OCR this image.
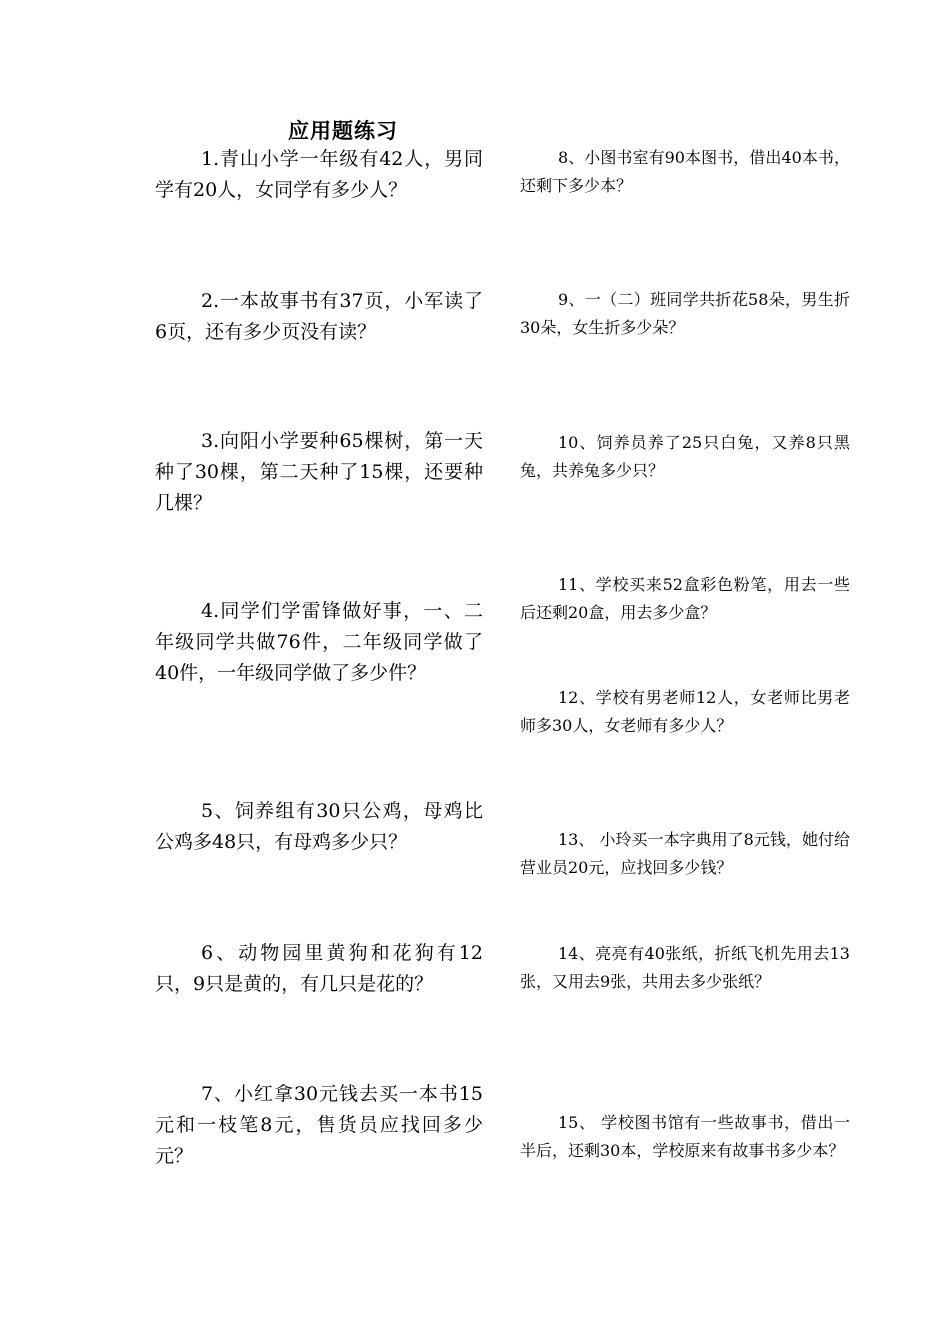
应用题练习

1.青山小学一年级有42人，男同学有20人，女同学有多少人？

2.一本故事书有37页，小军读了6页，还有多少页没有读？

3.向阳小学要种65棵树，第一天种了30棵，第二天种了15棵，还要种几棵？

4.同学们学雷锋做好事，一、二年级同学共做76件，二年级同学做了40件，一年级同学做了多少件？

5、饲养组有30只公鸡，母鸡比公鸡多48只，有母鸡多少只？

6、动物园里黄狗和花狗有12只，9只是黄的，有几只是花的？

7、小红拿30元钱去买一本书15元和一枝笔8元，售货员应找回多少元？

8、小图书室有90本图书，借出40本书，还剩下多少本？

9、一（二）班同学共折花58朵，男生折30朵，女生折多少朵？

10、饲养员养了25只白兔，又养8只黑兔，共养兔多少只？

11、学校买来52盒彩色粉笔，用去一些后还剩20盒，用去多少盒？

12、学校有男老师12人，女老师比男老师多30人，女老师有多少人？

13、 小玲买一本字典用了8元钱，她付给营业员20元，应找回多少钱？

14、亮亮有40张纸，折纸飞机先用去13张，又用去9张，共用去多少张纸？

15、 学校图书馆有一些故事书，借出一半后，还剩30本，学校原来有故事书多少本？
